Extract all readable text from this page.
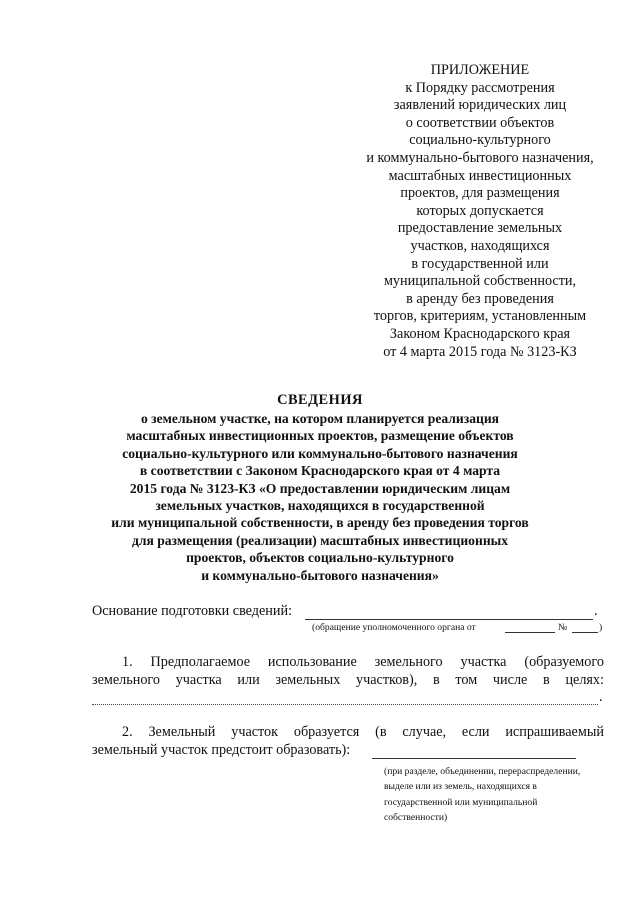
ПРИЛОЖЕНИЕ
к Порядку рассмотрения
заявлений юридических лиц
о соответствии объектов
социально-культурного
и коммунально-бытового назначения,
масштабных инвестиционных
проектов, для размещения
которых допускается
предоставление земельных
участков, находящихся
в государственной или
муниципальной собственности,
в аренду без проведения
торгов, критериям, установленным
Законом Краснодарского края
от 4 марта 2015 года № 3123-КЗ
СВЕДЕНИЯ
о земельном участке, на котором планируется реализация
масштабных инвестиционных проектов, размещение объектов
социально-культурного или коммунально-бытового назначения
в соответствии с Законом Краснодарского края от 4 марта
2015 года № 3123-КЗ «О предоставлении юридическим лицам
земельных участков, находящихся в государственной
или муниципальной собственности, в аренду без проведения торгов
для размещения (реализации) масштабных инвестиционных
проектов, объектов социально-культурного
и коммунально-бытового назначения»
Основание подготовки сведений:	.
(обращение уполномоченного органа от	№	)
1. Предполагаемое использование земельного участка (образуемого
земельного участка или земельных участков), в том числе в целях:
.
2. Земельный участок образуется (в случае, если испрашиваемый
земельный участок предстоит образовать):
(при разделе, объединении, перераспределении,
выделе или из земель, находящихся в
государственной или муниципальной
собственности)
